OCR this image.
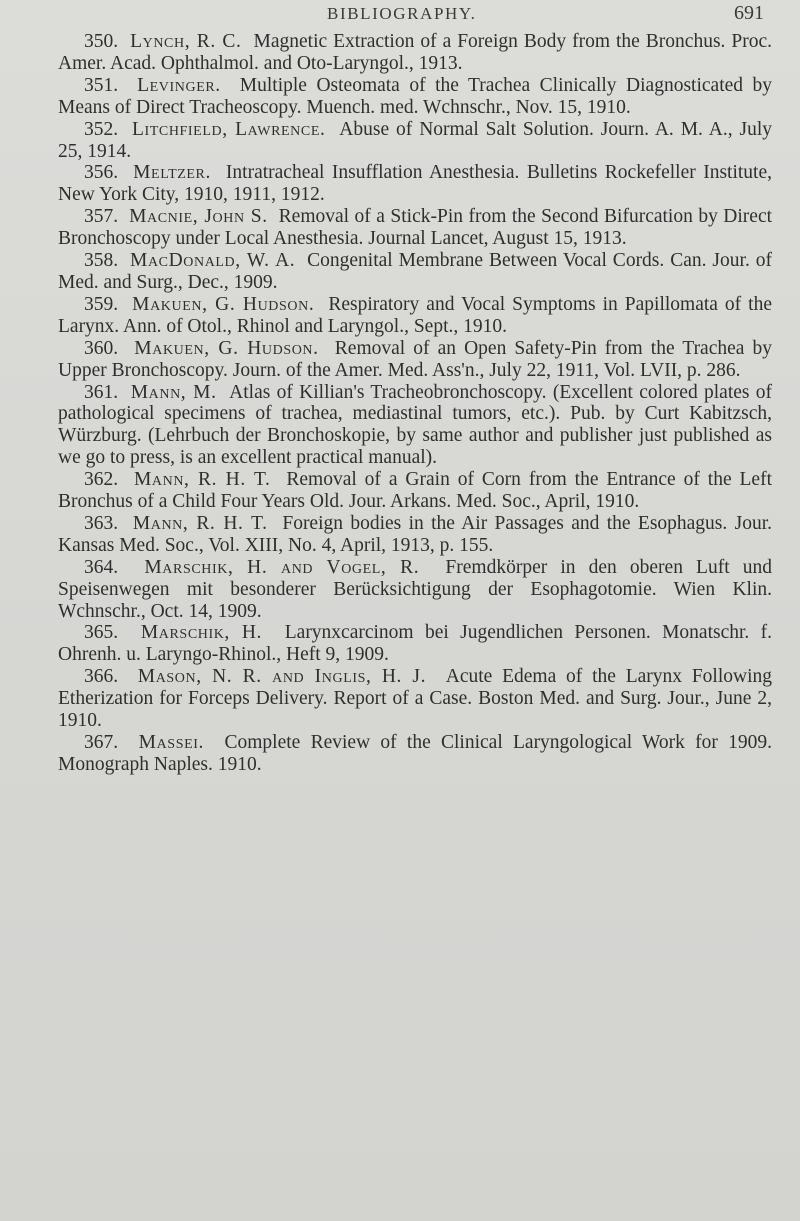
BIBLIOGRAPHY.	691

350. Lynch, R. C. Magnetic Extraction of a Foreign Body from the Bronchus. Proc. Amer. Acad. Ophthalmol. and Oto-Laryngol., 1913.

351. Levinger. Multiple Osteomata of the Trachea Clinically Diagnosticated by Means of Direct Tracheoscopy. Muench. med. Wchnschr., Nov. 15, 1910.

352. Litchfield, Lawrence. Abuse of Normal Salt Solution. Journ. A. M. A., July 25, 1914.

356. Meltzer. Intratracheal Insufflation Anesthesia. Bulletins Rockefeller Institute, New York City, 1910, 1911, 1912.

357. Macnie, John S. Removal of a Stick-Pin from the Second Bifurcation by Direct Bronchoscopy under Local Anesthesia. Journal Lancet, August 15, 1913.

358. MacDonald, W. A. Congenital Membrane Between Vocal Cords. Can. Jour. of Med. and Surg., Dec., 1909.

359. Makuen, G. Hudson. Respiratory and Vocal Symptoms in Papillomata of the Larynx. Ann. of Otol., Rhinol and Laryngol., Sept., 1910.

360. Makuen, G. Hudson. Removal of an Open Safety-Pin from the Trachea by Upper Bronchoscopy. Journ. of the Amer. Med. Ass'n., July 22, 1911, Vol. LVII, p. 286.

361. Mann, M. Atlas of Killian's Tracheobronchoscopy. (Excellent colored plates of pathological specimens of trachea, mediastinal tumors, etc.). Pub. by Curt Kabitzsch, Würzburg. (Lehrbuch der Bronchoskopie, by same author and publisher just published as we go to press, is an excellent practical manual).

362. Mann, R. H. T. Removal of a Grain of Corn from the Entrance of the Left Bronchus of a Child Four Years Old. Jour. Arkans. Med. Soc., April, 1910.

363. Mann, R. H. T. Foreign bodies in the Air Passages and the Esophagus. Jour. Kansas Med. Soc., Vol. XIII, No. 4, April, 1913, p. 155.

364. Marschik, H. and Vogel, R. Fremdkörper in den oberen Luft und Speisenwegen mit besonderer Berücksichtigung der Esophagotomie. Wien Klin. Wchnschr., Oct. 14, 1909.

365. Marschik, H. Larynxcarcinom bei Jugendlichen Personen. Monatschr. f. Ohrenh. u. Laryngo-Rhinol., Heft 9, 1909.

366. Mason, N. R. and Inglis, H. J. Acute Edema of the Larynx Following Etherization for Forceps Delivery. Report of a Case. Boston Med. and Surg. Jour., June 2, 1910.

367. Massei. Complete Review of the Clinical Laryngological Work for 1909. Monograph Naples. 1910.
